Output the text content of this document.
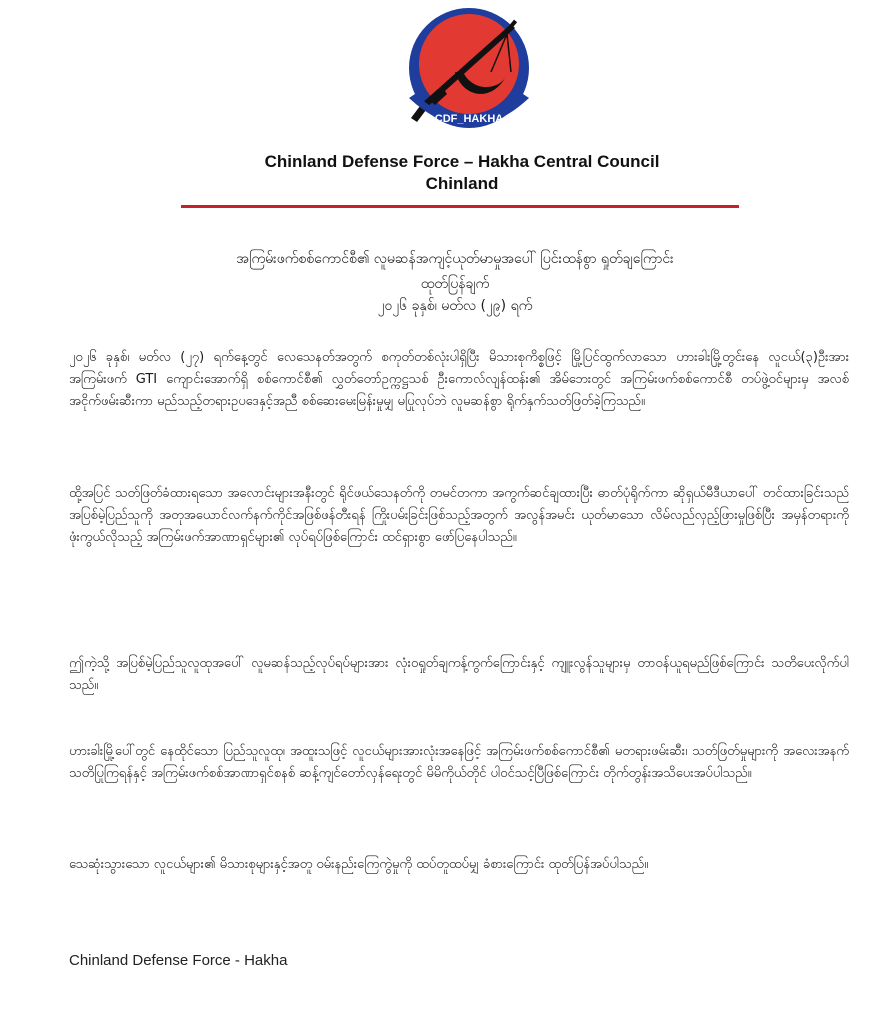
CDF_HAKHA
Chinland Defense Force – Hakha Central Council
Chinland
အကြမ်းဖက်စစ်ကောင်စီ၏ လူမဆန်အကျင့်ယုတ်မာမှုအပေါ် ပြင်းထန်စွာ ရှုတ်ချကြောင်း
ထုတ်ပြန်ချက်
၂၀၂၆ ခုနှစ်၊ မတ်လ (၂၉) ရက်

၂၀၂၆ ခုနှစ်၊ မတ်လ (၂၇) ရက်နေ့တွင် လေသေနတ်အတွက် စကုတ်တစ်လုံးပါရှိပြီး မိသားစုကိစ္စဖြင့် မြို့ပြင်ထွက်လာသော ဟားခါးမြို့တွင်းနေ လူငယ်(၃)ဦးအား အကြမ်းဖက် GTI ကျောင်းအောက်ရှိ စစ်ကောင်စီ၏ လွှတ်တော်ဥက္ကဋ္ဌသစ် ဦးကောလ်လျန်ထန်း၏ အိမ်ဘေးတွင် အကြမ်းဖက်စစ်ကောင်စီ တပ်ဖွဲ့ဝင်များမှ အလစ်အငိုက်ဖမ်းဆီးကာ မည်သည့်တရားဥပဒေနှင့်အညီ စစ်ဆေးမေးမြန်းမှုမျှ မပြုလုပ်ဘဲ လူမဆန်စွာ ရိုက်နှက်သတ်ဖြတ်ခဲ့ကြသည်။

ထို့အပြင် သတ်ဖြတ်ခံထားရသော အလောင်းများအနီးတွင် ရိုင်ဖယ်သေနတ်ကို တမင်တကာ အကွက်ဆင်ချထားပြီး ဓာတ်ပုံရိုက်ကာ ဆိုရှယ်မီဒီယာပေါ် တင်ထားခြင်းသည် အပြစ်မဲ့ပြည်သူကို အတုအယောင်လက်နက်ကိုင်အဖြစ်ဖန်တီးရန် ကြိုးပမ်းခြင်းဖြစ်သည့်အတွက် အလွန်အမင်း ယုတ်မာသော လိမ်လည်လှည့်ဖြားမှုဖြစ်ပြီး အမှန်တရားကို ဖုံးကွယ်လိုသည့် အကြမ်းဖက်အာဏာရှင်များ၏ လုပ်ရပ်ဖြစ်ကြောင်း ထင်ရှားစွာ ဖော်ပြနေပါသည်။

ဤကဲ့သို့ အပြစ်မဲ့ပြည်သူလူထုအပေါ် လူမဆန်သည့်လုပ်ရပ်များအား လုံးဝရှုတ်ချကန့်ကွက်ကြောင်းနှင့် ကျူးလွန်သူများမှ တာဝန်ယူရမည်ဖြစ်ကြောင်း သတိပေးလိုက်ပါသည်။

ဟားခါးမြို့ပေါ်တွင် နေထိုင်သော ပြည်သူလူထု၊ အထူးသဖြင့် လူငယ်များအားလုံးအနေဖြင့် အကြမ်းဖက်စစ်ကောင်စီ၏ မတရားဖမ်းဆီး၊ သတ်ဖြတ်မှုများကို အလေးအနက် သတိပြုကြရန်နှင့် အကြမ်းဖက်စစ်အာဏာရှင်စနစ် ဆန့်ကျင်တော်လှန်ရေးတွင် မိမိကိုယ်တိုင် ပါဝင်သင့်ပြီဖြစ်ကြောင်း တိုက်တွန်းအသိပေးအပ်ပါသည်။

သေဆုံးသွားသော လူငယ်များ၏ မိသားစုများနှင့်အတူ ဝမ်းနည်းကြေကွဲမှုကို ထပ်တူထပ်မျှ ခံစားကြောင်း ထုတ်ပြန်အပ်ပါသည်။

Chinland Defense Force - Hakha
